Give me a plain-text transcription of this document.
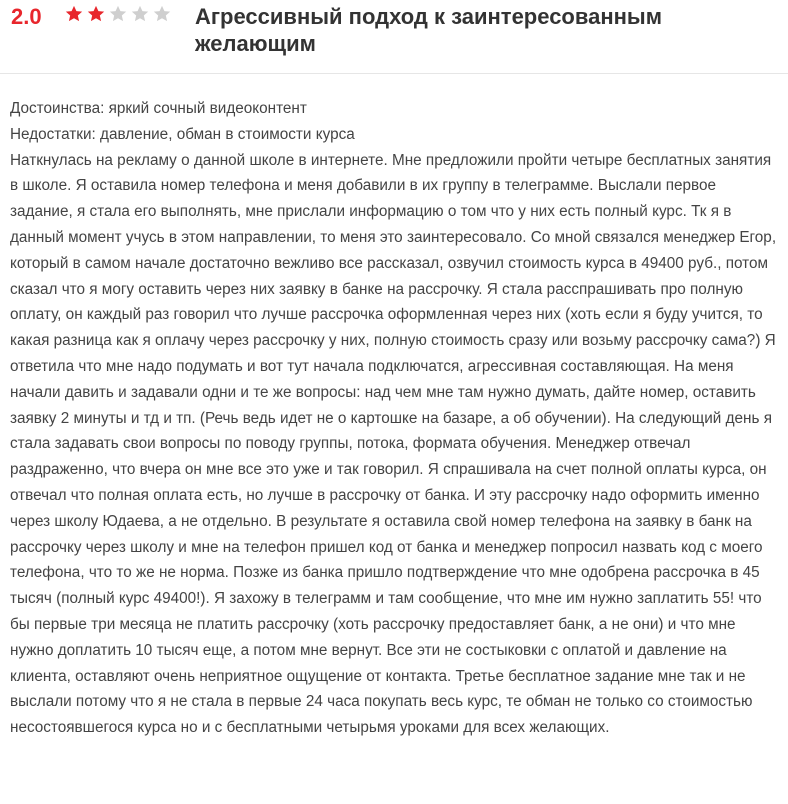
2.0	Агрессивный подход к заинтересованным желающим

Достоинства: яркий сочный видеоконтент

Недостатки: давление, обман в стоимости курса

Наткнулась на рекламу о данной школе в интернете. Мне предложили пройти четыре бесплатных занятия в школе. Я оставила номер телефона и меня добавили в их группу в телеграмме. Выслали первое задание, я стала его выполнять, мне прислали информацию о том что у них есть полный курс. Тк я в данный момент учусь в этом направлении, то меня это заинтересовало. Со мной связался менеджер Егор, который в самом начале достаточно вежливо все рассказал, озвучил стоимость курса в 49400 руб., потом сказал что я могу оставить через них заявку в банке на рассрочку. Я стала расспрашивать про полную оплату, он каждый раз говорил что лучше рассрочка оформленная через них (хоть если я буду учится, то какая разница как я оплачу через рассрочку у них, полную стоимость сразу или возьму рассрочку сама?) Я ответила что мне надо подумать и вот тут начала подключатся, агрессивная составляющая. На меня начали давить и задавали одни и те же вопросы: над чем мне там нужно думать, дайте номер, оставить заявку 2 минуты и тд и тп. (Речь ведь идет не о картошке на базаре, а об обучении). На следующий день я стала задавать свои вопросы по поводу группы, потока, формата обучения. Менеджер отвечал раздраженно, что вчера он мне все это уже и так говорил. Я спрашивала на счет полной оплаты курса, он отвечал что полная оплата есть, но лучше в рассрочку от банка. И эту рассрочку надо оформить именно через школу Юдаева, а не отдельно. В результате я оставила свой номер телефона на заявку в банк на рассрочку через школу и мне на телефон пришел код от банка и менеджер попросил назвать код с моего телефона, что то же не норма. Позже из банка пришло подтверждение что мне одобрена рассрочка в 45 тысяч (полный курс 49400!). Я захожу в телеграмм и там сообщение, что мне им нужно заплатить 55! что бы первые три месяца не платить рассрочку (хоть рассрочку предоставляет банк, а не они) и что мне нужно доплатить 10 тысяч еще, а потом мне вернут. Все эти не состыковки с оплатой и давление на клиента, оставляют очень неприятное ощущение от контакта. Третье бесплатное задание мне так и не выслали потому что я не стала в первые 24 часа покупать весь курс, те обман не только со стоимостью несостоявшегося курса но и с бесплатными четырьмя уроками для всех желающих.
